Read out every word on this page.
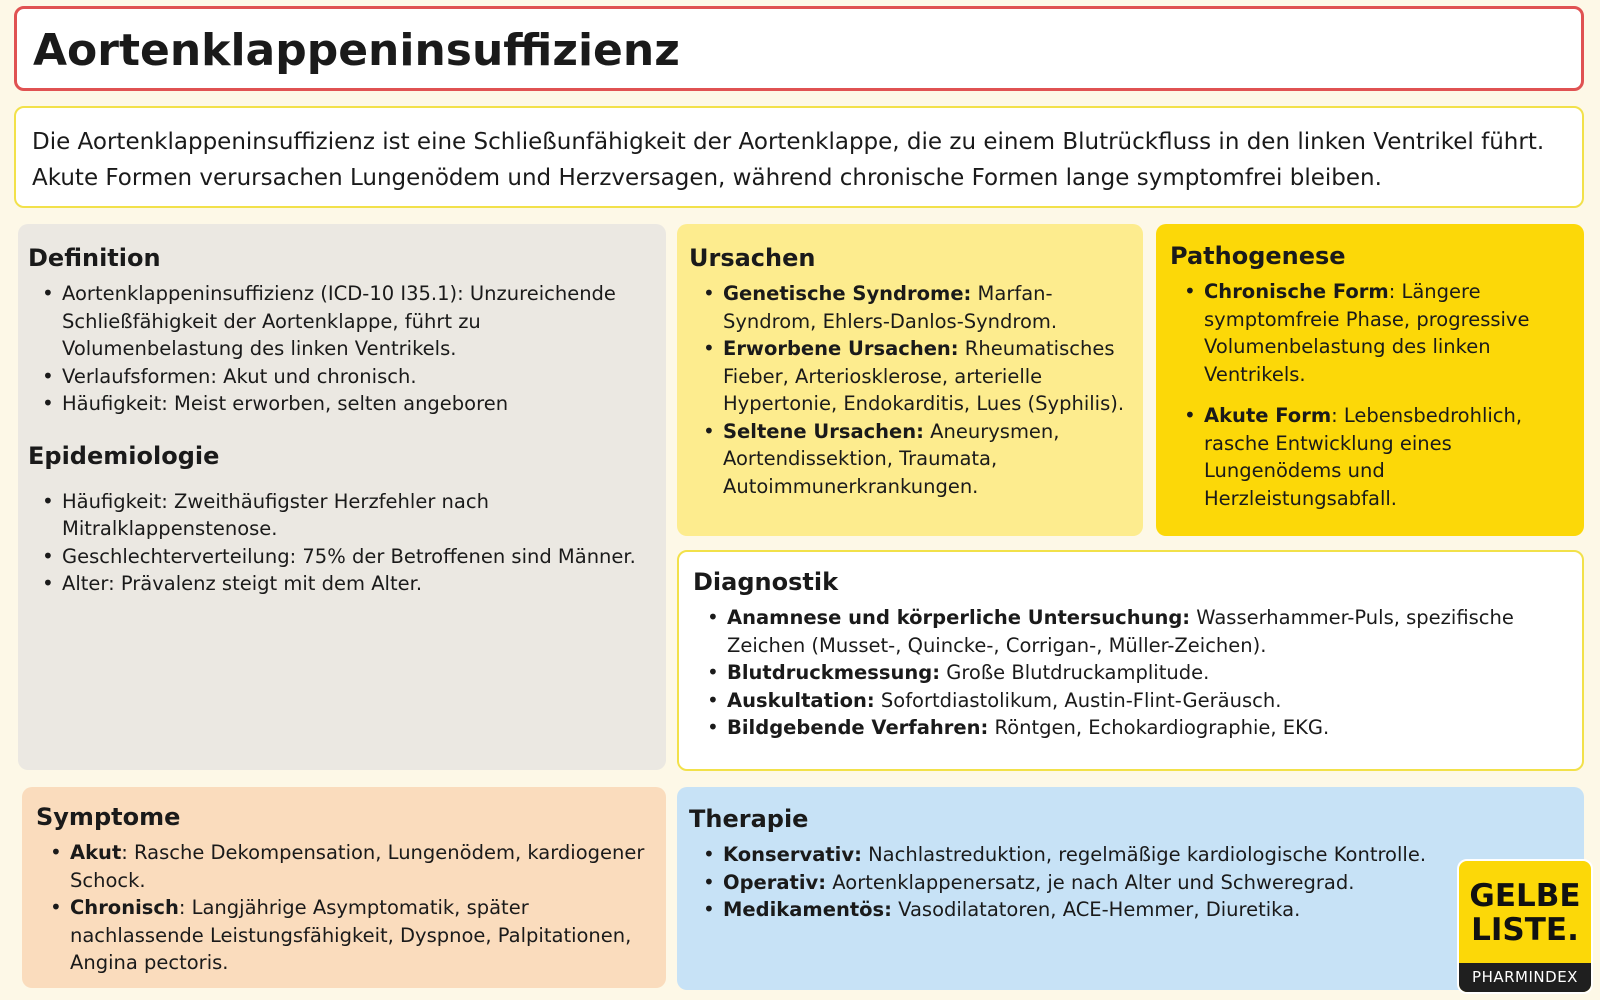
Aortenklappeninsuffizienz

Die Aortenklappeninsuffizienz ist eine Schließunfähigkeit der Aortenklappe, die zu einem Blutrückfluss in den linken Ventrikel führt. Akute Formen verursachen Lungenödem und Herzversagen, während chronische Formen lange symptomfrei bleiben.

Definition
• Aortenklappeninsuffizienz (ICD-10 I35.1): Unzureichende Schließfähigkeit der Aortenklappe, führt zu Volumenbelastung des linken Ventrikels.
• Verlaufsformen: Akut und chronisch.
• Häufigkeit: Meist erworben, selten angeboren
Epidemiologie
• Häufigkeit: Zweithäufigster Herzfehler nach Mitralklappenstenose.
• Geschlechterverteilung: 75% der Betroffenen sind Männer.
• Alter: Prävalenz steigt mit dem Alter.
Ursachen
• Genetische Syndrome: Marfan-Syndrom, Ehlers-Danlos-Syndrom.
• Erworbene Ursachen: Rheumatisches Fieber, Arteriosklerose, arterielle Hypertonie, Endokarditis, Lues (Syphilis).
• Seltene Ursachen: Aneurysmen, Aortendissektion, Traumata, Autoimmunerkrankungen.
Pathogenese
• Chronische Form: Längere symptomfreie Phase, progressive Volumenbelastung des linken Ventrikels.
• Akute Form: Lebensbedrohlich, rasche Entwicklung eines Lungenödems und Herzleistungsabfall.
Diagnostik
• Anamnese und körperliche Untersuchung: Wasserhammer-Puls, spezifische Zeichen (Musset-, Quincke-, Corrigan-, Müller-Zeichen).
• Blutdruckmessung: Große Blutdruckamplitude.
• Auskultation: Sofortdiastolikum, Austin-Flint-Geräusch.
• Bildgebende Verfahren: Röntgen, Echokardiographie, EKG.
Symptome
• Akut: Rasche Dekompensation, Lungenödem, kardiogener Schock.
• Chronisch: Langjährige Asymptomatik, später nachlassende Leistungsfähigkeit, Dyspnoe, Palpitationen, Angina pectoris.
Therapie
• Konservativ: Nachlastreduktion, regelmäßige kardiologische Kontrolle.
• Operativ: Aortenklappenersatz, je nach Alter und Schweregrad.
• Medikamentös: Vasodilatatoren, ACE-Hemmer, Diuretika.	GELBE
LISTE.
PHARMINDEX
